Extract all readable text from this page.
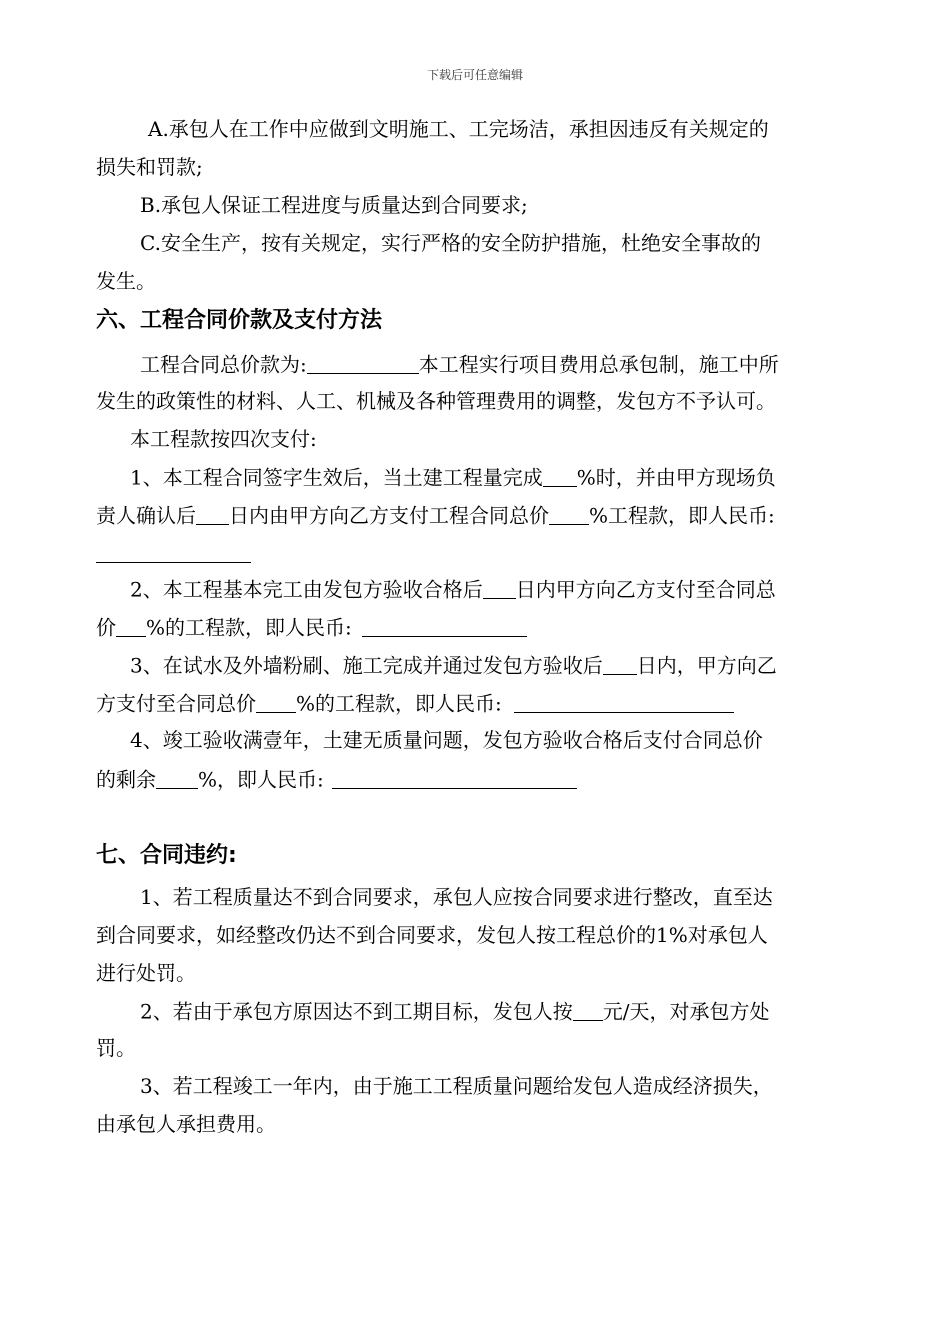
下载后可任意编辑
A.承包人在工作中应做到文明施工、工完场洁，承担因违反有关规定的
损失和罚款;
B.承包人保证工程进度与质量达到合同要求;
C.安全生产，按有关规定，实行严格的安全防护措施，杜绝安全事故的
发生。
六、工程合同价款及支付方法
工程合同总价款为:	本工程实行项目费用总承包制，施工中所
发生的政策性的材料、人工、机械及各种管理费用的调整，发包方不予认可。
本工程款按四次支付:
1、本工程合同签字生效后，当土建工程量完成 %时，并由甲方现场负
责人确认后 日内由甲方向乙方支付工程合同总价 %工程款，即人民币:
2、本工程基本完工由发包方验收合格后 日内甲方向乙方支付至合同总
价 %的工程款，即人民币:
3、在试水及外墙粉刷、施工完成并通过发包方验收后 日内，甲方向乙
方支付至合同总价 %的工程款，即人民币:
4、竣工验收满壹年，土建无质量问题，发包方验收合格后支付合同总价
的剩余 %，即人民币:
七、合同违约:
1、若工程质量达不到合同要求，承包人应按合同要求进行整改，直至达
到合同要求，如经整改仍达不到合同要求，发包人按工程总价的1%对承包人
进行处罚。
2、若由于承包方原因达不到工期目标，发包人按 元/天，对承包方处
罚。
3、若工程竣工一年内，由于施工工程质量问题给发包人造成经济损失，
由承包人承担费用。
